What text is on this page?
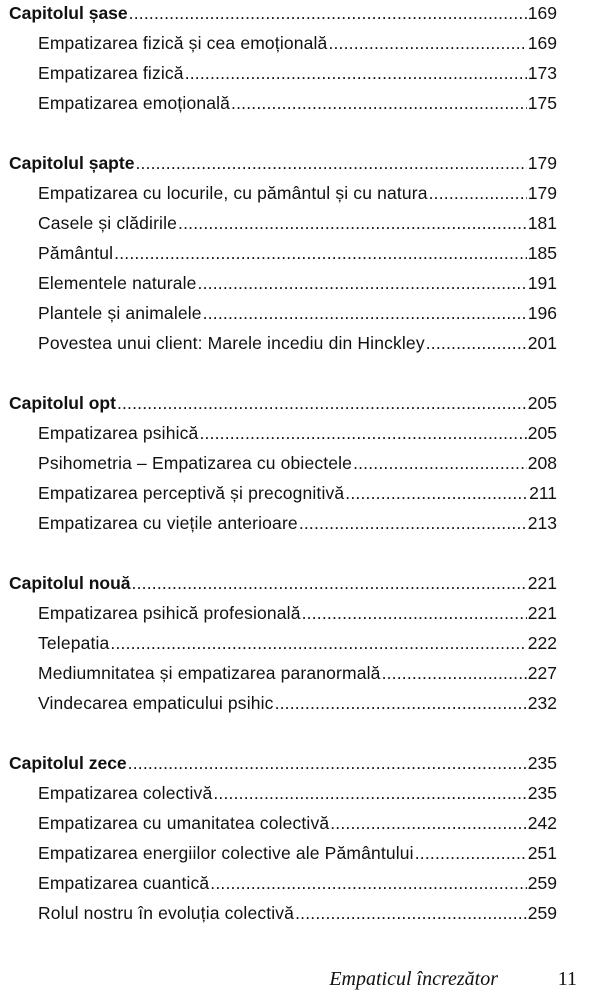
Capitolul șase .....	169
Empatizarea fizică și cea emoțională .....	169
Empatizarea fizică .....	173
Empatizarea emoțională .....	175
Capitolul șapte .....	179
Empatizarea cu locurile, cu pământul și cu natura .....	179
Casele și clădirile .....	181
Pământul .....	185
Elementele naturale .....	191
Plantele și animalele .....	196
Povestea unui client: Marele incediu din Hinckley .....	201
Capitolul opt .....	205
Empatizarea psihică .....	205
Psihometria – Empatizarea cu obiectele .....	208
Empatizarea perceptivă și precognitivă .....	211
Empatizarea cu viețile anterioare .....	213
Capitolul nouă .....	221
Empatizarea psihică profesională .....	221
Telepatia .....	222
Mediumnitatea și empatizarea paranormală .....	227
Vindecarea empaticului psihic .....	232
Capitolul zece .....	235
Empatizarea colectivă .....	235
Empatizarea cu umanitatea colectivă .....	242
Empatizarea energiilor colective ale Pământului .....	251
Empatizarea cuantică .....	259
Rolul nostru în evoluția colectivă .....	259
Empaticul încrezător	11
